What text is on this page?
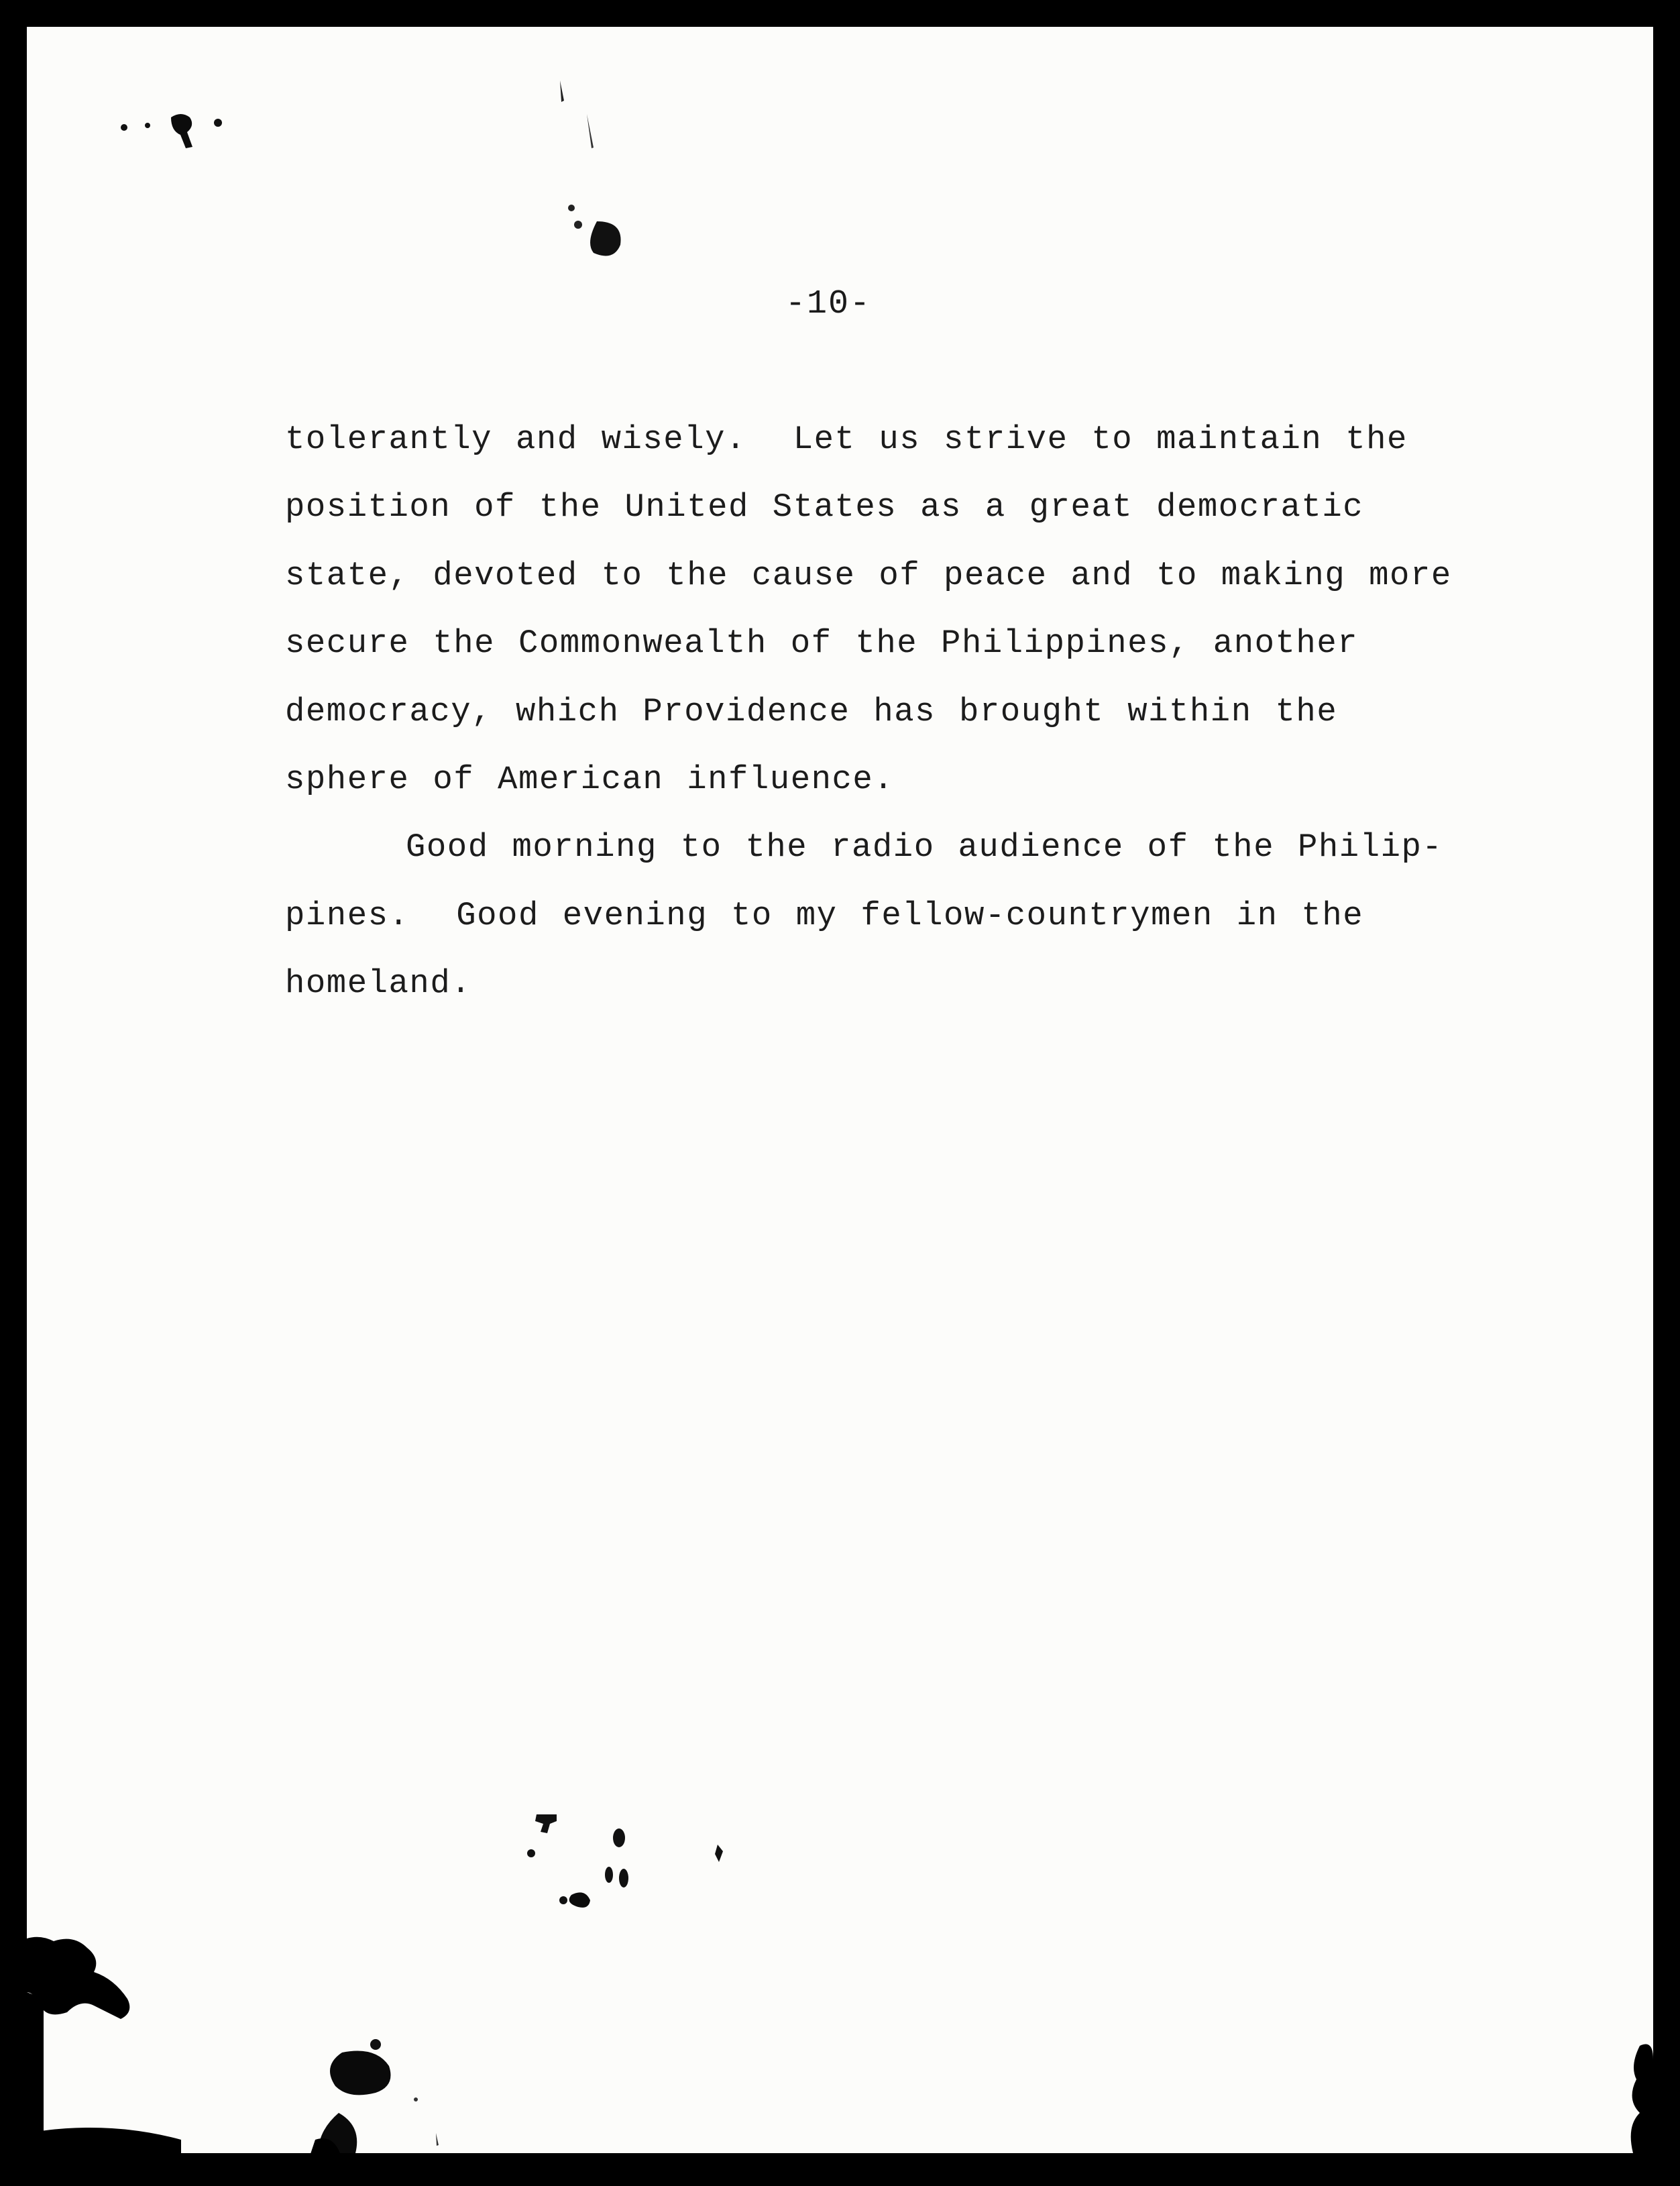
-10-
tolerantly and wisely.  Let us strive to maintain the
position of the United States as a great democratic
state, devoted to the cause of peace and to making more
secure the Commonwealth of the Philippines, another
democracy, which Providence has brought within the
sphere of American influence.
Good morning to the radio audience of the Philip-
pines.  Good evening to my fellow-countrymen in the
homeland.
